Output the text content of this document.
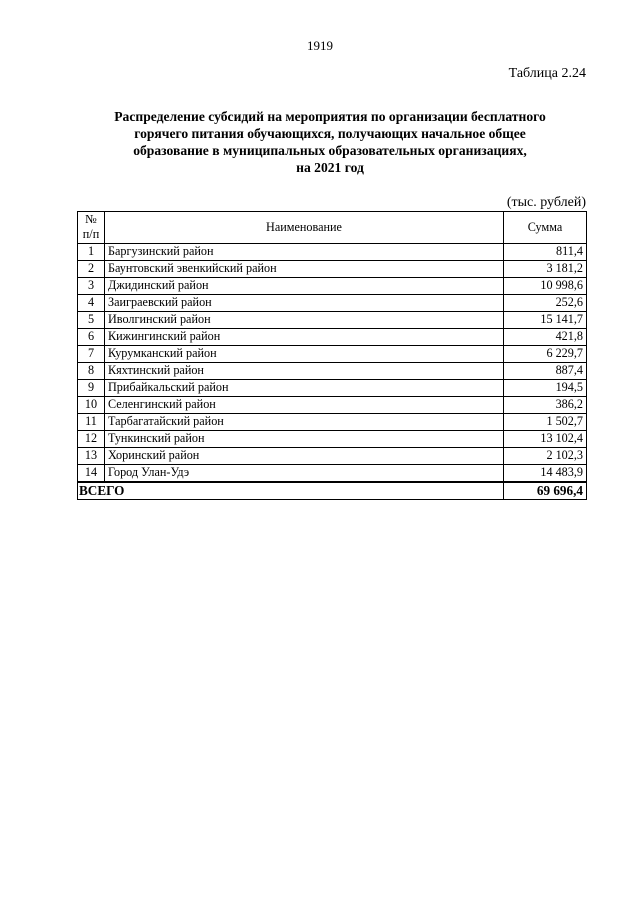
1919
Таблица 2.24
Распределение субсидий на мероприятия по организации бесплатного
горячего питания обучающихся, получающих начальное общее
образование в муниципальных образовательных организациях,
на 2021 год
(тыс. рублей)
№
п/п	Наименование	Сумма
1	Баргузинский район	811,4
2	Баунтовский эвенкийский район	3 181,2
3	Джидинский район	10 998,6
4	Заиграевский район	252,6
5	Иволгинский район	15 141,7
6	Кижингинский район	421,8
7	Курумканский район	6 229,7
8	Кяхтинский район	887,4
9	Прибайкальский район	194,5
10	Селенгинский район	386,2
11	Тарбагатайский район	1 502,7
12	Тункинский район	13 102,4
13	Хоринский район	2 102,3
14	Город Улан-Удэ	14 483,9
ВСЕГО		69 696,4
